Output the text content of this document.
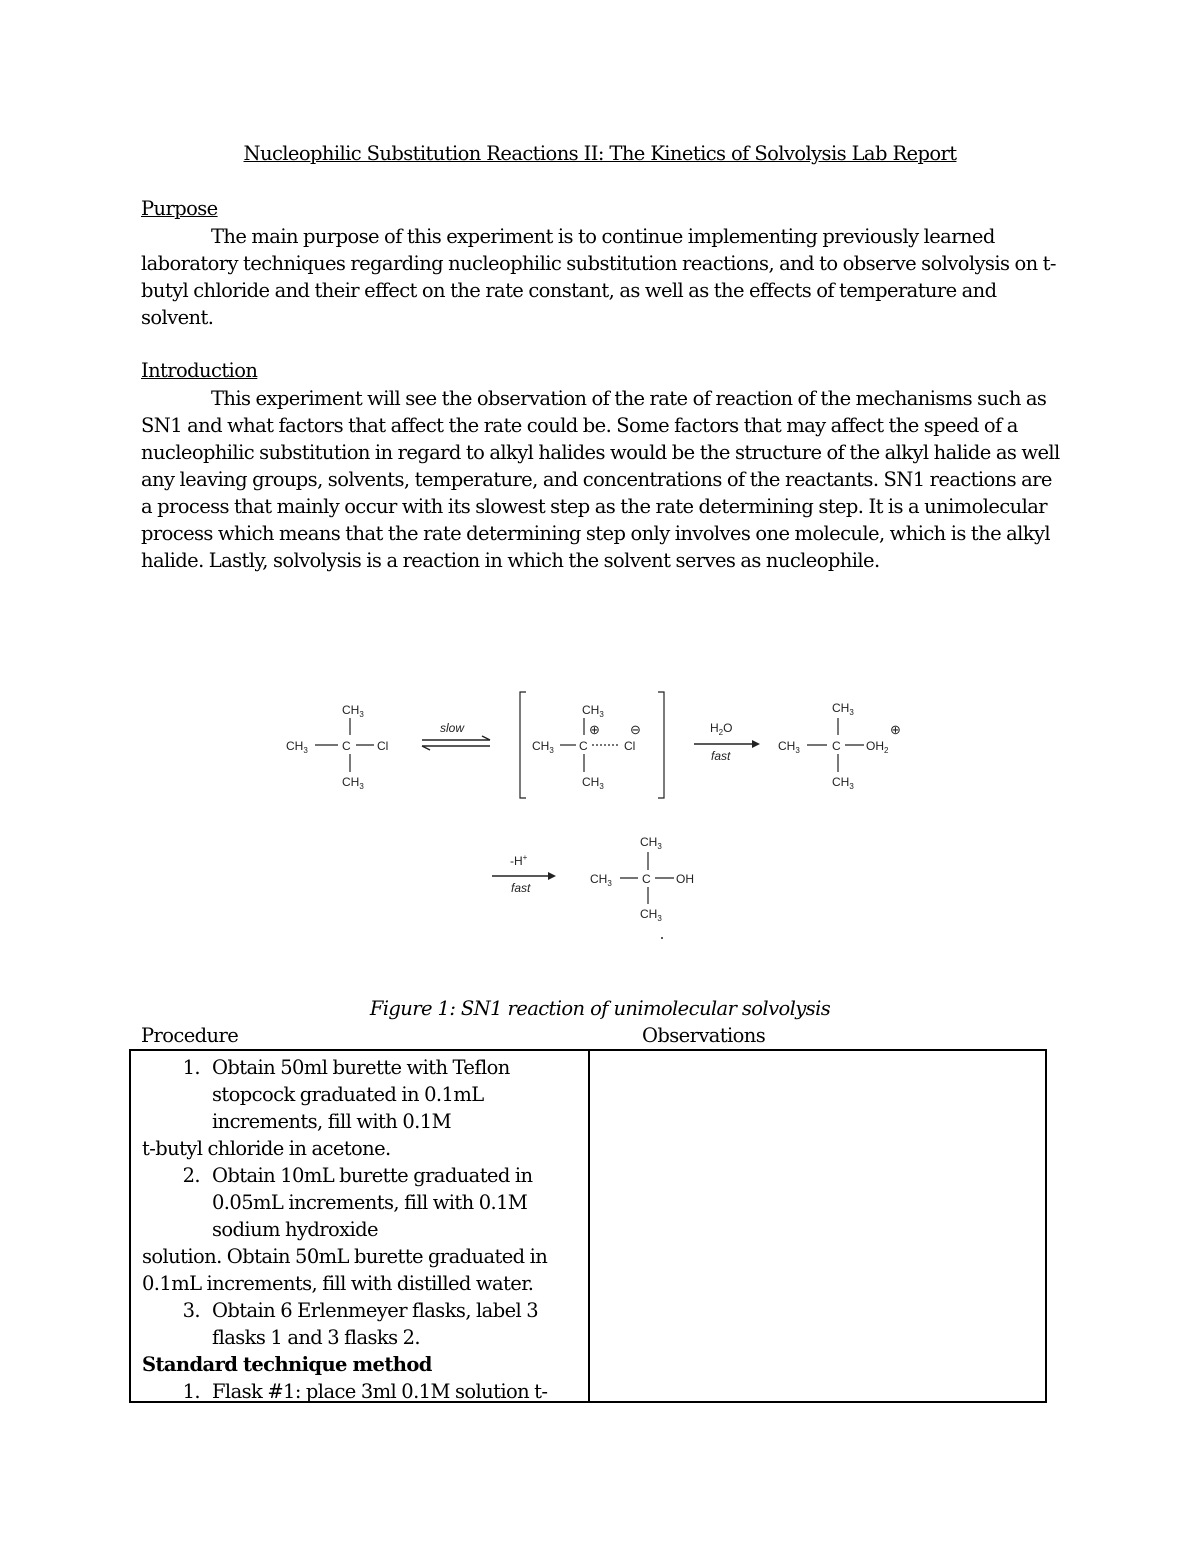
Nucleophilic Substitution Reactions II: The Kinetics of Solvolysis Lab Report
Purpose
The main purpose of this experiment is to continue implementing previously learned laboratory techniques regarding nucleophilic substitution reactions, and to observe solvolysis on t-butyl chloride and their effect on the rate constant, as well as the effects of temperature and solvent.
Introduction
This experiment will see the observation of the rate of reaction of the mechanisms such as SN1 and what factors that affect the rate could be. Some factors that may affect the speed of a nucleophilic substitution in regard to alkyl halides would be the structure of the alkyl halide as well any leaving groups, solvents, temperature, and concentrations of the reactants. SN1 reactions are a process that mainly occur with its slowest step as the rate determining step. It is a unimolecular process which means that the rate determining step only involves one molecule, which is the alkyl halide. Lastly, solvolysis is a reaction in which the solvent serves as nucleophile.
$CH_3$
$CH_3$	C Cl
$CH_3$
slow
$CH_3$
⊕
$CH_3$ C	Cl
⊖
$CH_3$
$H_2O$
fast
$CH_3$
$CH_3$	C $OH_2$
⊕
$CH_3$
-H+
fast
$CH_3$
$CH_3$	C OH
$CH_3$
Figure 1: SN1 reaction of unimolecular solvolysis
Procedure	Observations
1. Obtain 50ml burette with Teflon
stopcock graduated in 0.1mL
increments, fill with 0.1M
t-butyl chloride in acetone.
2. Obtain 10mL burette graduated in
0.05mL increments, fill with 0.1M
sodium hydroxide
solution. Obtain 50mL burette graduated in
0.1mL increments, fill with distilled water.
3. Obtain 6 Erlenmeyer flasks, label 3
flasks 1 and 3 flasks 2.
Standard technique method
1. Flask #1: place 3ml 0.1M solution t-
